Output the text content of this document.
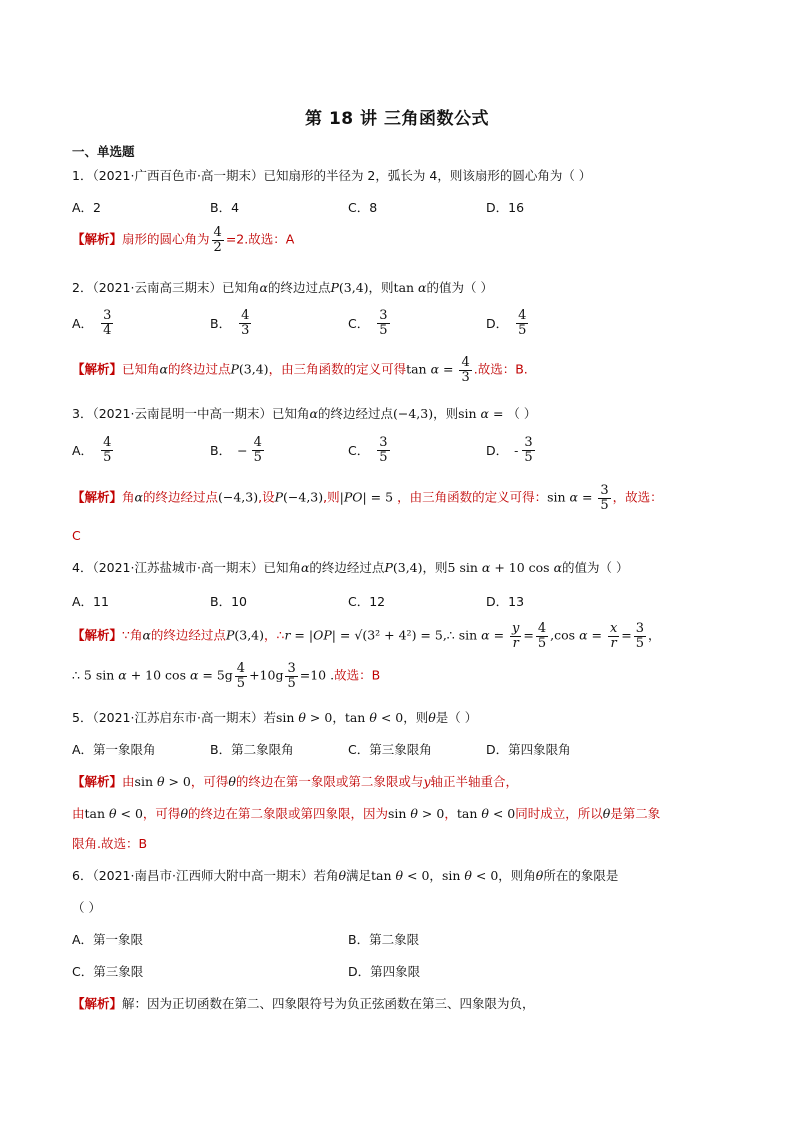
第 18 讲 三角函数公式
一、单选题
1．（2021·广西百色市·高一期末）已知扇形的半径为 2，弧长为 4，则该扇形的圆心角为（ ）
A．2	B．4	C．8	D．16
【解析】扇形的圆心角为 $\frac{4}{2} =2$.故选：A
2．（2021·云南高三期末）已知角α的终边过点P(3,4)，则tan α的值为（ ）
A． $\frac{3}{4}$	B． $\frac{4}{3}$	C． $\frac{3}{5}$	D． $\frac{4}{5}$
【解析】已知角α的终边过点P(3,4)，由三角函数的定义可得$\tan \alpha = \frac{4}{3}$ .故选：B.
3．（2021·云南昆明一中高一期末）已知角α的终边经过点(−4,3)，则sin α = （ ）
A． $\frac{4}{5}$	B． − $\frac{4}{5}$	C． $\frac{3}{5}$	D． - $\frac{3}{5}$
【解析】角α的终边经过点(−4,3),设P(−4,3),则|PO| = 5 ，由三角函数的定义可得：$\sin \alpha = \frac{3}{5}$ ，故选：
C
4．（2021·江苏盐城市·高一期末）已知角α的终边经过点P(3,4)，则5 sin α + 10 cos α的值为（ ）
A．11	B．10	C．12	D．13
【解析】∵角α的终边经过点P(3,4)，∴r = |OP| = √(3² + 4²) = 5,∴ $\sin \alpha = \frac{y}{r} = \frac{4}{5} ,\cos$ $\alpha = \frac{x}{r} = \frac{3}{5}$ ，
∴ 5 sin α + 10 $\cos \alpha = 5g \frac{4}{5} +10g \frac{3}{5} =10$ .故选：B
5．（2021·江苏启东市·高一期末）若sin θ > 0，tan θ < 0，则θ是（ ）
A．第一象限角	B．第二象限角	C．第三象限角	D．第四象限角
【解析】由sin θ > 0，可得θ的终边在第一象限或第二象限或与y轴正半轴重合，
由tan θ < 0，可得θ的终边在第二象限或第四象限，因为sin θ > 0，tan θ < 0同时成立，所以θ是第二象
限角.故选：B
6．（2021·南昌市·江西师大附中高一期末）若角θ满足tan θ < 0，sin θ < 0，则角θ所在的象限是
（ ）
A．第一象限	B．第二象限
C．第三象限	D．第四象限
【解析】解：因为正切函数在第二、四象限符号为负正弦函数在第三、四象限为负，
